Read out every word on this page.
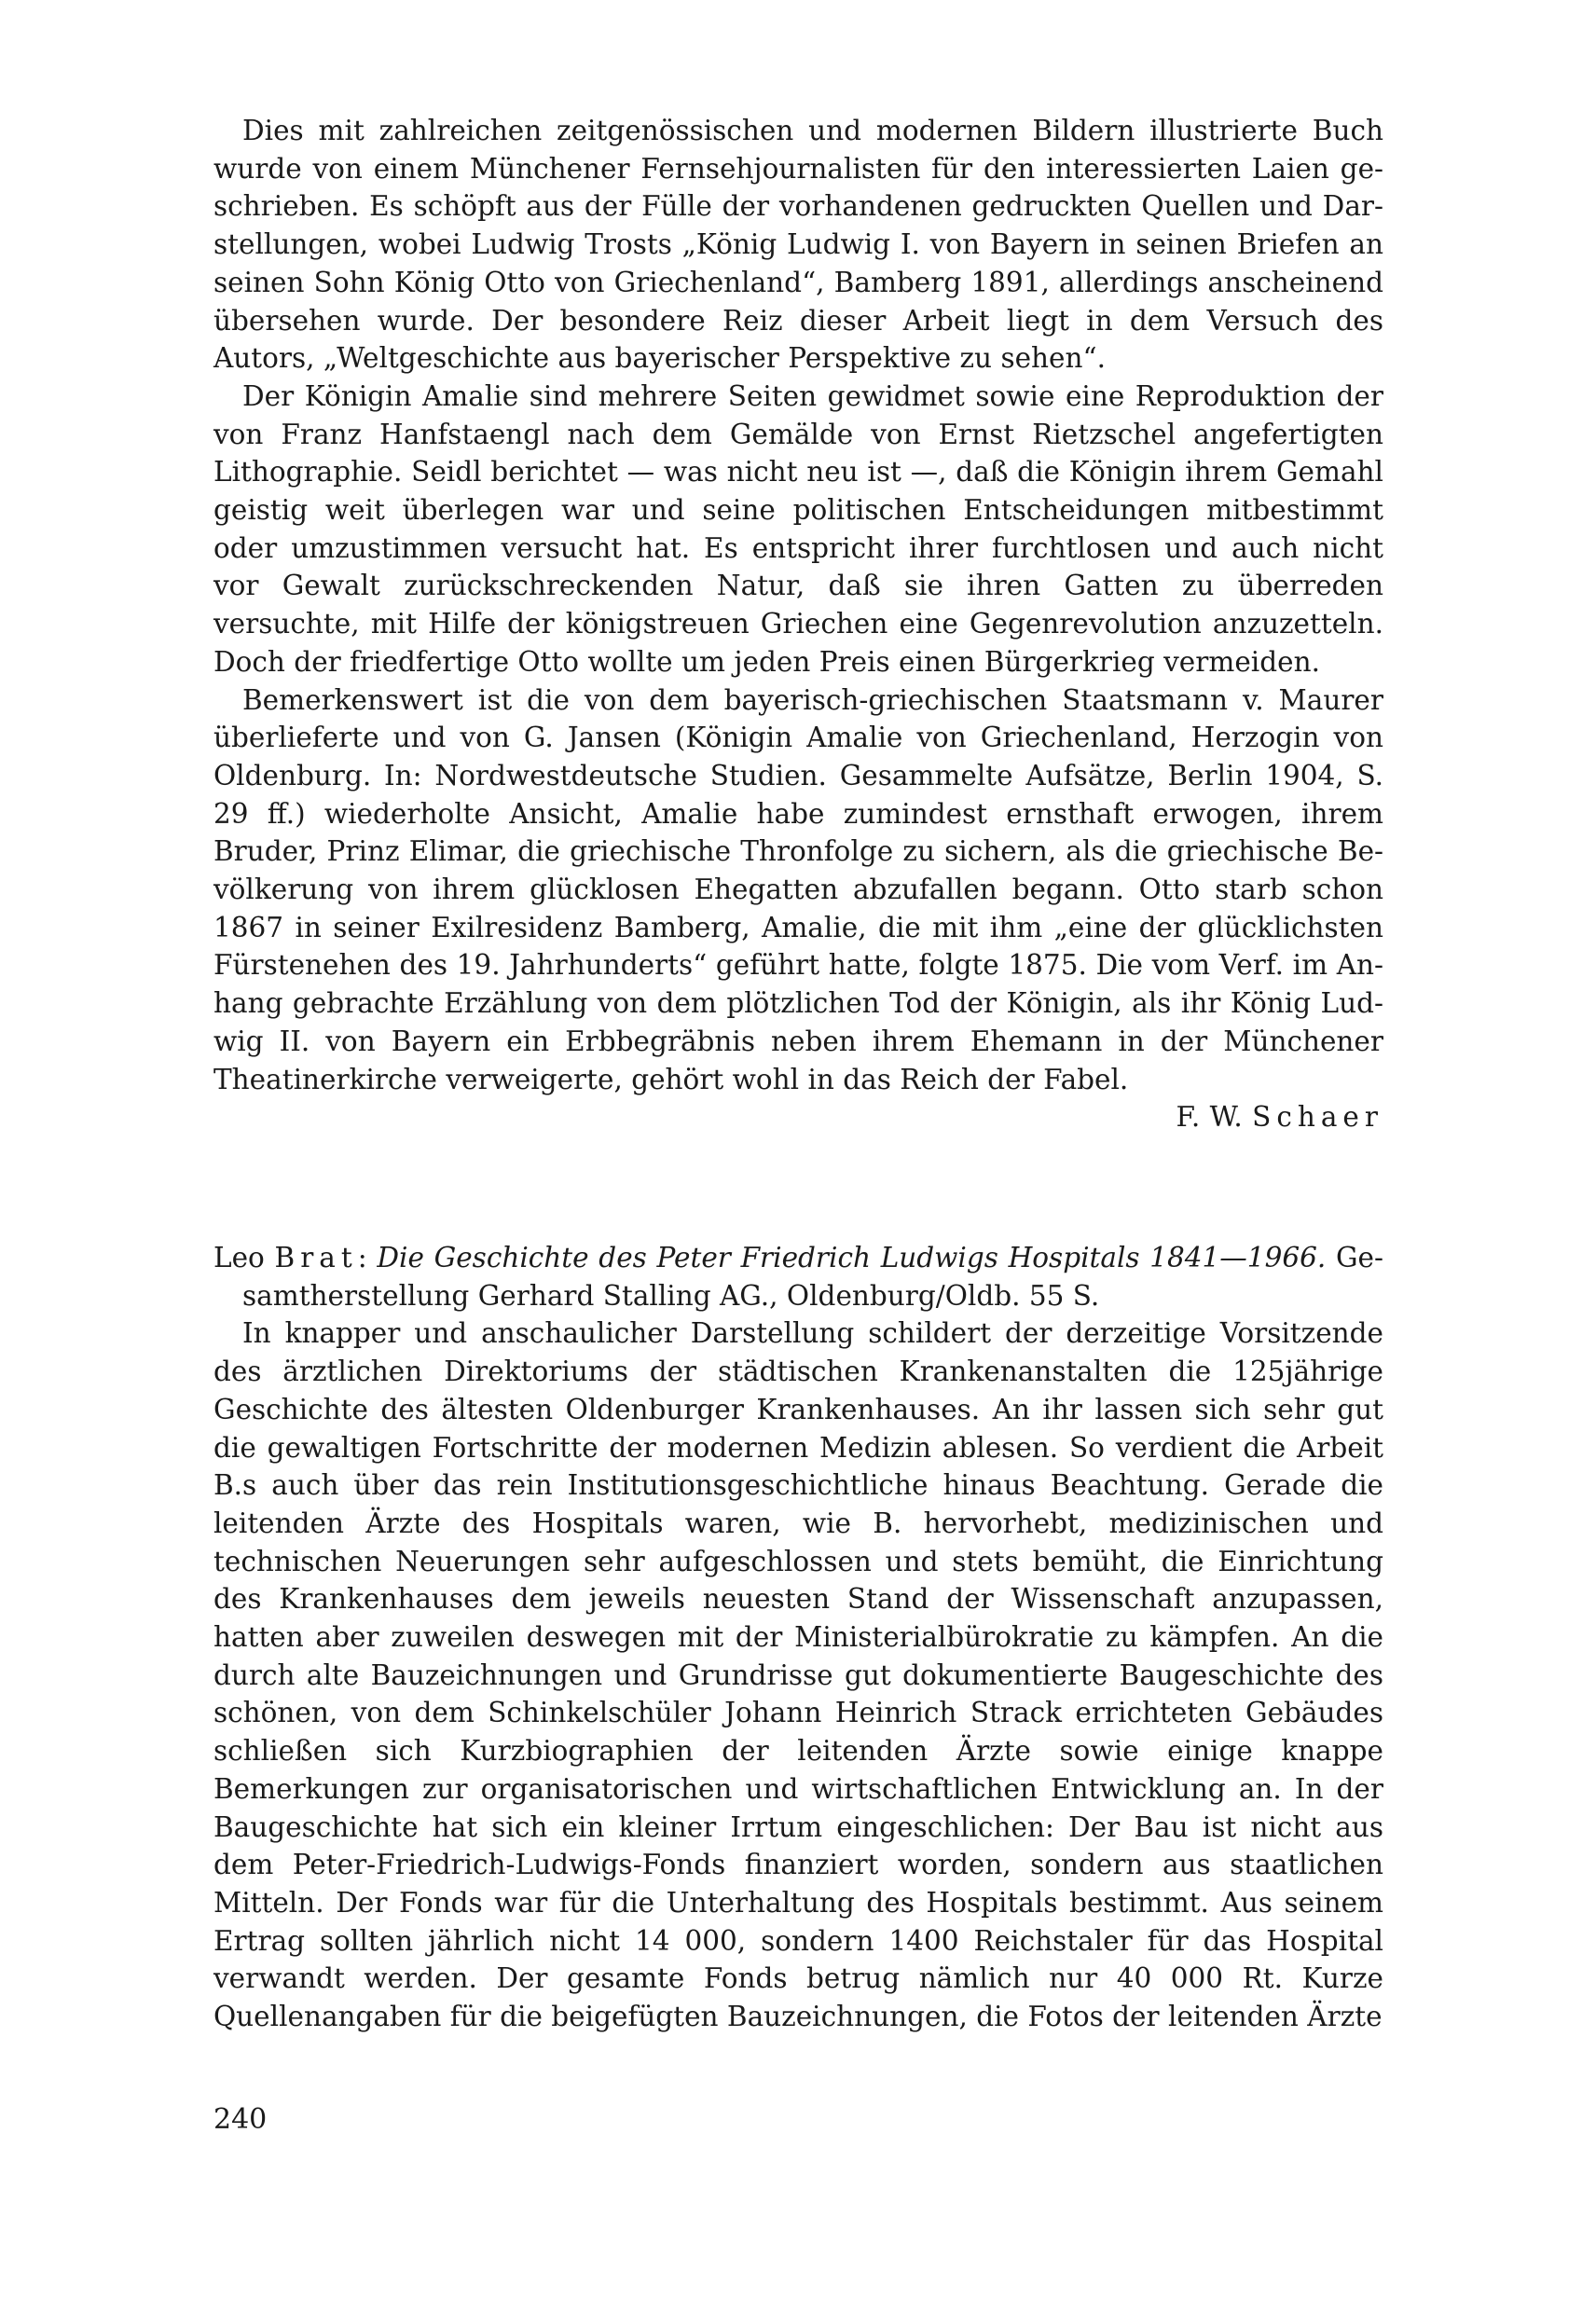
Dies mit zahlreichen zeitgenössischen und modernen Bildern illustrierte Buch wurde von einem Münchener Fernsehjournalisten für den interessierten Laien geschrieben. Es schöpft aus der Fülle der vorhandenen gedruckten Quellen und Darstellungen, wobei Ludwig Trosts „König Ludwig I. von Bayern in seinen Briefen an seinen Sohn König Otto von Griechenland“, Bamberg 1891, allerdings anscheinend übersehen wurde. Der besondere Reiz dieser Arbeit liegt in dem Versuch des Autors, „Weltgeschichte aus bayerischer Perspektive zu sehen“.

Der Königin Amalie sind mehrere Seiten gewidmet sowie eine Reproduktion der von Franz Hanfstaengl nach dem Gemälde von Ernst Rietzschel angefertigten Lithographie. Seidl berichtet — was nicht neu ist —, daß die Königin ihrem Gemahl geistig weit überlegen war und seine politischen Entscheidungen mitbestimmt oder umzustimmen versucht hat. Es entspricht ihrer furchtlosen und auch nicht vor Gewalt zurückschreckenden Natur, daß sie ihren Gatten zu überreden versuchte, mit Hilfe der königstreuen Griechen eine Gegenrevolution anzuzetteln. Doch der friedfertige Otto wollte um jeden Preis einen Bürgerkrieg vermeiden.

Bemerkenswert ist die von dem bayerisch-griechischen Staatsmann v. Maurer überlieferte und von G. Jansen (Königin Amalie von Griechenland, Herzogin von Oldenburg. In: Nordwestdeutsche Studien. Gesammelte Aufsätze, Berlin 1904, S. 29 ff.) wiederholte Ansicht, Amalie habe zumindest ernsthaft erwogen, ihrem Bruder, Prinz Elimar, die griechische Thronfolge zu sichern, als die griechische Bevölkerung von ihrem glücklosen Ehegatten abzufallen begann. Otto starb schon 1867 in seiner Exilresidenz Bamberg, Amalie, die mit ihm „eine der glücklichsten Fürstenehen des 19. Jahrhunderts“ geführt hatte, folgte 1875. Die vom Verf. im Anhang gebrachte Erzählung von dem plötzlichen Tod der Königin, als ihr König Ludwig II. von Bayern ein Erbbegräbnis neben ihrem Ehemann in der Münchener Theatinerkirche verweigerte, gehört wohl in das Reich der Fabel.

F. W. Schaer

Leo Brat: Die Geschichte des Peter Friedrich Ludwigs Hospitals 1841—1966. Gesamtherstellung Gerhard Stalling AG., Oldenburg/Oldb. 55 S.

In knapper und anschaulicher Darstellung schildert der derzeitige Vorsitzende des ärztlichen Direktoriums der städtischen Krankenanstalten die 125jährige Geschichte des ältesten Oldenburger Krankenhauses. An ihr lassen sich sehr gut die gewaltigen Fortschritte der modernen Medizin ablesen. So verdient die Arbeit B.s auch über das rein Institutionsgeschichtliche hinaus Beachtung. Gerade die leitenden Ärzte des Hospitals waren, wie B. hervorhebt, medizinischen und technischen Neuerungen sehr aufgeschlossen und stets bemüht, die Einrichtung des Krankenhauses dem jeweils neuesten Stand der Wissenschaft anzupassen, hatten aber zuweilen deswegen mit der Ministerialbürokratie zu kämpfen. An die durch alte Bauzeichnungen und Grundrisse gut dokumentierte Baugeschichte des schönen, von dem Schinkelschüler Johann Heinrich Strack errichteten Gebäudes schließen sich Kurzbiographien der leitenden Ärzte sowie einige knappe Bemerkungen zur organisatorischen und wirtschaftlichen Entwicklung an. In der Baugeschichte hat sich ein kleiner Irrtum eingeschlichen: Der Bau ist nicht aus dem Peter-Friedrich-Ludwigs-Fonds finanziert worden, sondern aus staatlichen Mitteln. Der Fonds war für die Unterhaltung des Hospitals bestimmt. Aus seinem Ertrag sollten jährlich nicht 14 000, sondern 1400 Reichstaler für das Hospital verwandt werden. Der gesamte Fonds betrug nämlich nur 40 000 Rt. Kurze Quellenangaben für die beigefügten Bauzeichnungen, die Fotos der leitenden Ärzte

240
